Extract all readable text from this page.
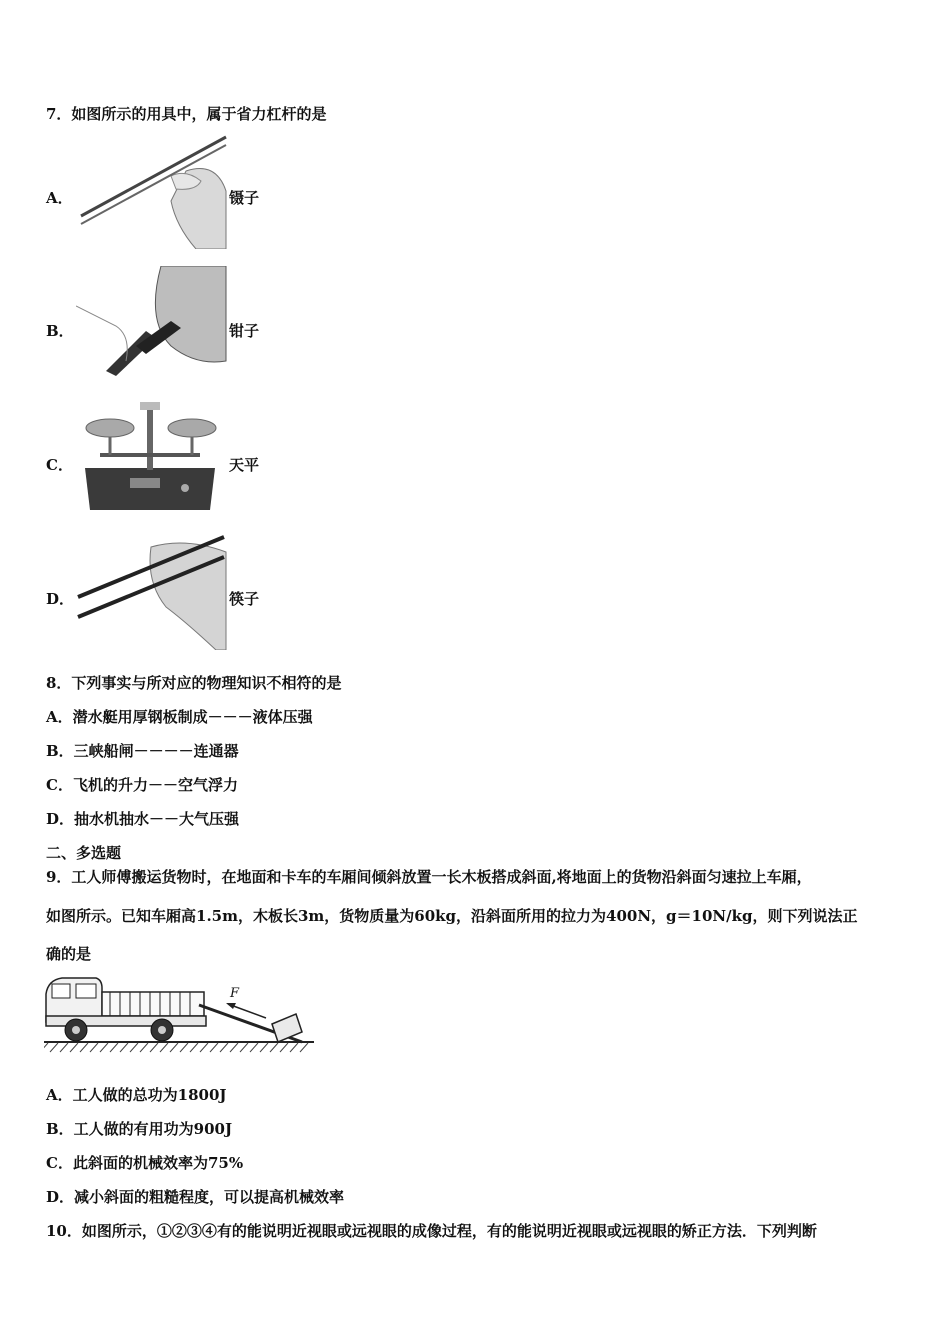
7．如图所示的用具中，属于省力杠杆的是
A．	镊子
B．	钳子
C．	天平
D．	筷子
8．下列事实与所对应的物理知识不相符的是
A．潜水艇用厚钢板制成－－－液体压强
B．三峡船闸－－－－连通器
C．飞机的升力－－空气浮力
D．抽水机抽水－－大气压强
二、多选题
9．工人师傅搬运货物时，在地面和卡车的车厢间倾斜放置一长木板搭成斜面,将地面上的货物沿斜面匀速拉上车厢，
如图所示。已知车厢高1.5m，木板长3m，货物质量为60kg，沿斜面所用的拉力为400N，g＝10N/kg，则下列说法正
确的是
F
A．工人做的总功为1800J
B．工人做的有用功为900J
C．此斜面的机械效率为75%
D．减小斜面的粗糙程度，可以提高机械效率
10．如图所示，①②③④有的能说明近视眼或远视眼的成像过程，有的能说明近视眼或远视眼的矫正方法．下列判断
